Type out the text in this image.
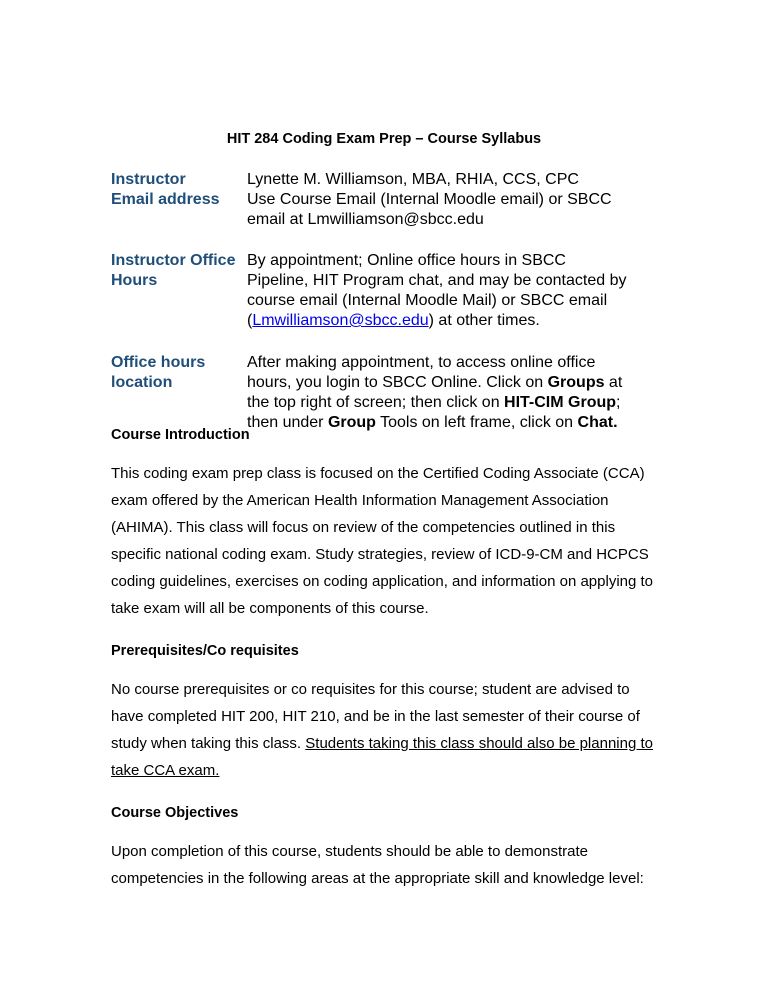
HIT 284 Coding Exam Prep – Course Syllabus
Instructor
Email address
Lynette M. Williamson, MBA, RHIA, CCS, CPC
Use Course Email (Internal Moodle email) or SBCC
email at Lmwilliamson@sbcc.edu
Instructor Office
Hours
By appointment; Online office hours in SBCC
Pipeline, HIT Program chat, and may be contacted by
course email (Internal Moodle Mail) or SBCC email
(Lmwilliamson@sbcc.edu) at other times.
Office hours
location
After making appointment, to access online office
hours, you login to SBCC Online. Click on Groups at
the top right of screen; then click on HIT-CIM Group;
then under Group Tools on left frame, click on Chat.
Course Introduction
This coding exam prep class is focused on the Certified Coding Associate (CCA)
exam offered by the American Health Information Management Association
(AHIMA). This class will focus on review of the competencies outlined in this
specific national coding exam. Study strategies, review of ICD-9-CM and HCPCS
coding guidelines, exercises on coding application, and information on applying to
take exam will all be components of this course.
Prerequisites/Co requisites
No course prerequisites or co requisites for this course; student are advised to
have completed HIT 200, HIT 210, and be in the last semester of their course of
study when taking this class. Students taking this class should also be planning to
take CCA exam.
Course Objectives
Upon completion of this course, students should be able to demonstrate
competencies in the following areas at the appropriate skill and knowledge level:
